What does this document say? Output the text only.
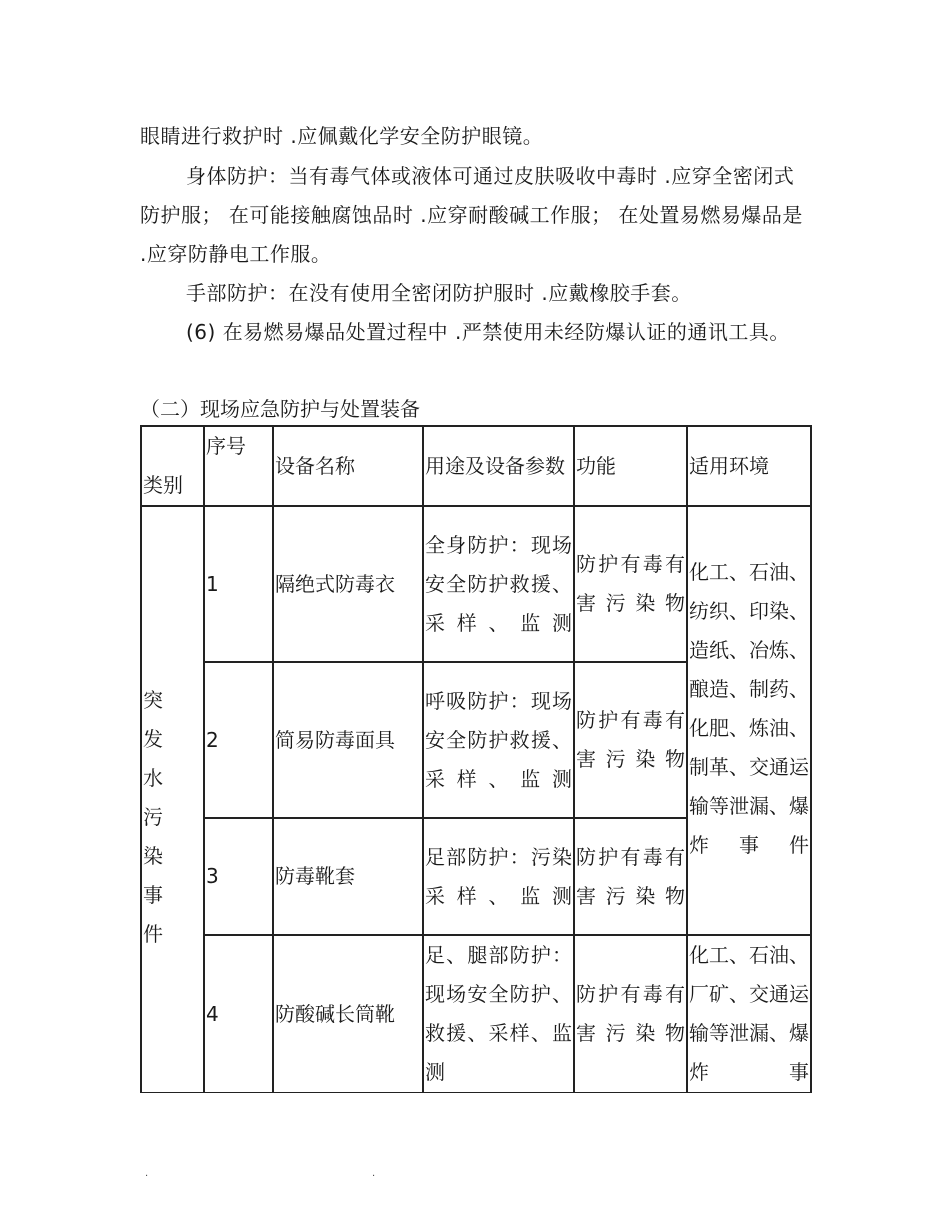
眼睛进行救护时 .应佩戴化学安全防护眼镜。

身体防护：当有毒气体或液体可通过皮肤吸收中毒时 .应穿全密闭式防护服； 在可能接触腐蚀品时 .应穿耐酸碱工作服； 在处置易燃易爆品是 .应穿防静电工作服。

手部防护：在没有使用全密闭防护服时 .应戴橡胶手套。

(6) 在易燃易爆品处置过程中 .严禁使用未经防爆认证的通讯工具。

（二）现场应急防护与处置装备

类别	序号	设备名称	用途及设备参数	功能	适用环境

突发水污染事件	1	隔绝式防毒衣	全身防护：现场安全防护救援、采样、监测	防护有毒有害污染物	化工、石油、纺织、印染、造纸、冶炼、酿造、制药、化肥、炼油、制革、交通运输等泄漏、爆炸事件
	2	简易防毒面具	呼吸防护：现场安全防护救援、采样、监测	防护有毒有害污染物	
	3	防毒靴套	足部防护：污染采样、监测	防护有毒有害污染物	
	4	防酸碱长筒靴	足、腿部防护：现场安全防护、救援、采样、监测	防护有毒有害污染物	化工、石油、厂矿、交通运输等泄漏、爆炸事
.	.
